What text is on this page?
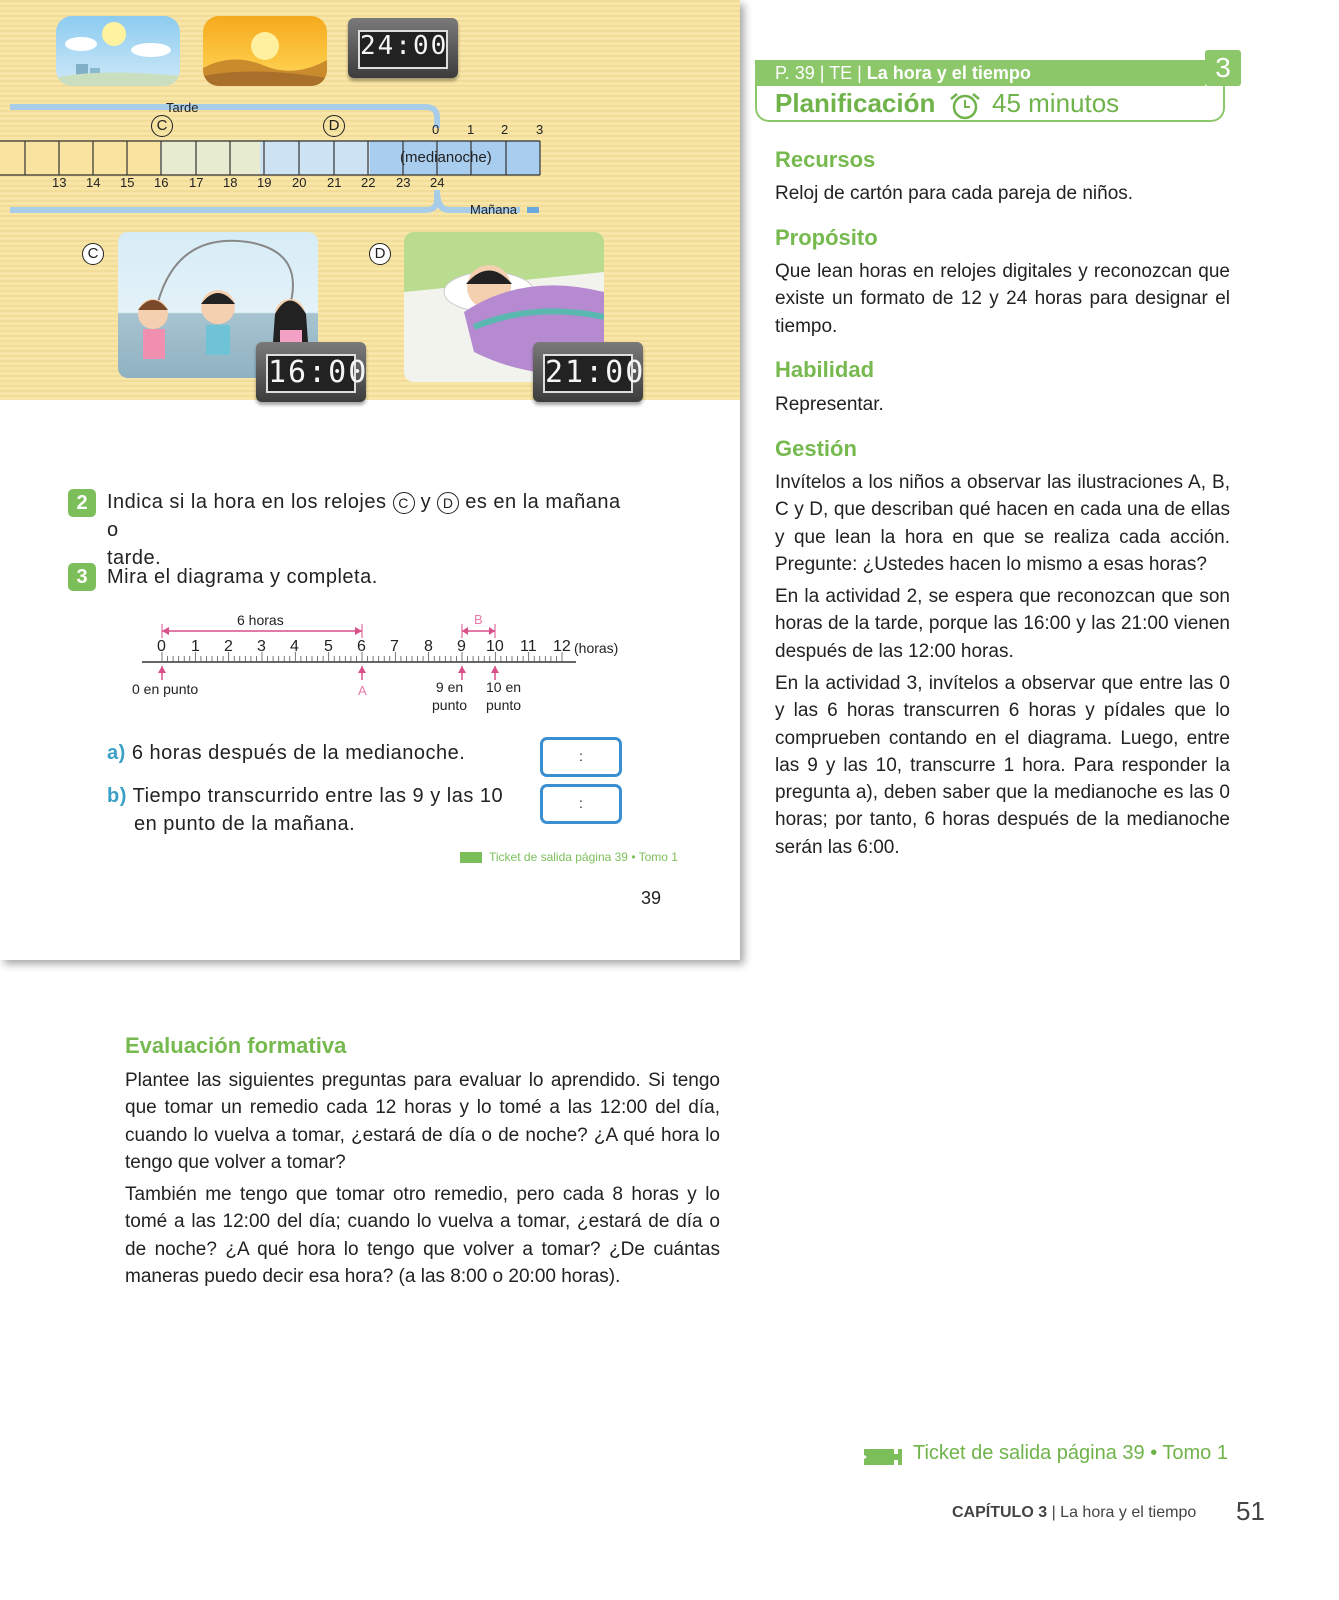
24:00
Tarde
Mañana
(medianoche)
C	D	0 1 2 3
13 14 15 16 17 18 19 20 21 22 23 24
C
16:00
D
21:00
2 Indica si la hora en los relojes C y D es en la mañana o
tarde.
3 Mira el diagrama y completa.
6 horas	B
A
0 1 2 3 4 5 6 7 8 9 10 11 12 (horas)
0 en punto	9 en
punto
10 en
punto
a) 6 horas después de la medianoche.	:
b) Tiempo transcurrido entre las 9 y las 10
en punto de la mañana.
:
Ticket de salida página 39 • Tomo 1
39
P. 39 | TE | La hora y el tiempo	3
Planificación 45 minutos
Recursos
Reloj de cartón para cada pareja de niños.
Propósito
Que lean horas en relojes digitales y reconozcan que existe un formato de 12 y 24 horas para designar el tiempo.
Habilidad
Representar.
Gestión
Invítelos a los niños a observar las ilustraciones A, B, C y D, que describan qué hacen en cada una de ellas y que lean la hora en que se realiza cada acción. Pregunte: ¿Ustedes hacen lo mismo a esas horas?
En la actividad 2, se espera que reconozcan que son horas de la tarde, porque las 16:00 y las 21:00 vienen después de las 12:00 horas.
En la actividad 3, invítelos a observar que entre las 0 y las 6 horas transcurren 6 horas y pídales que lo comprueben contando en el diagrama. Luego, entre las 9 y las 10, transcurre 1 hora. Para responder la pregunta a), deben saber que la medianoche es las 0 horas; por tanto, 6 horas después de la medianoche serán las 6:00.
Evaluación formativa
Plantee las siguientes preguntas para evaluar lo aprendido. Si tengo que tomar un remedio cada 12 horas y lo tomé a las 12:00 del día, cuando lo vuelva a tomar, ¿estará de día o de noche? ¿A qué hora lo tengo que volver a tomar?
También me tengo que tomar otro remedio, pero cada 8 horas y lo tomé a las 12:00 del día; cuando lo vuelva a tomar, ¿estará de día o de noche? ¿A qué hora lo tengo que volver a tomar? ¿De cuántas maneras puedo decir esa hora? (a las 8:00 o 20:00 horas).
Ticket de salida página 39 • Tomo 1
CAPÍTULO 3 | La hora y el tiempo 51
